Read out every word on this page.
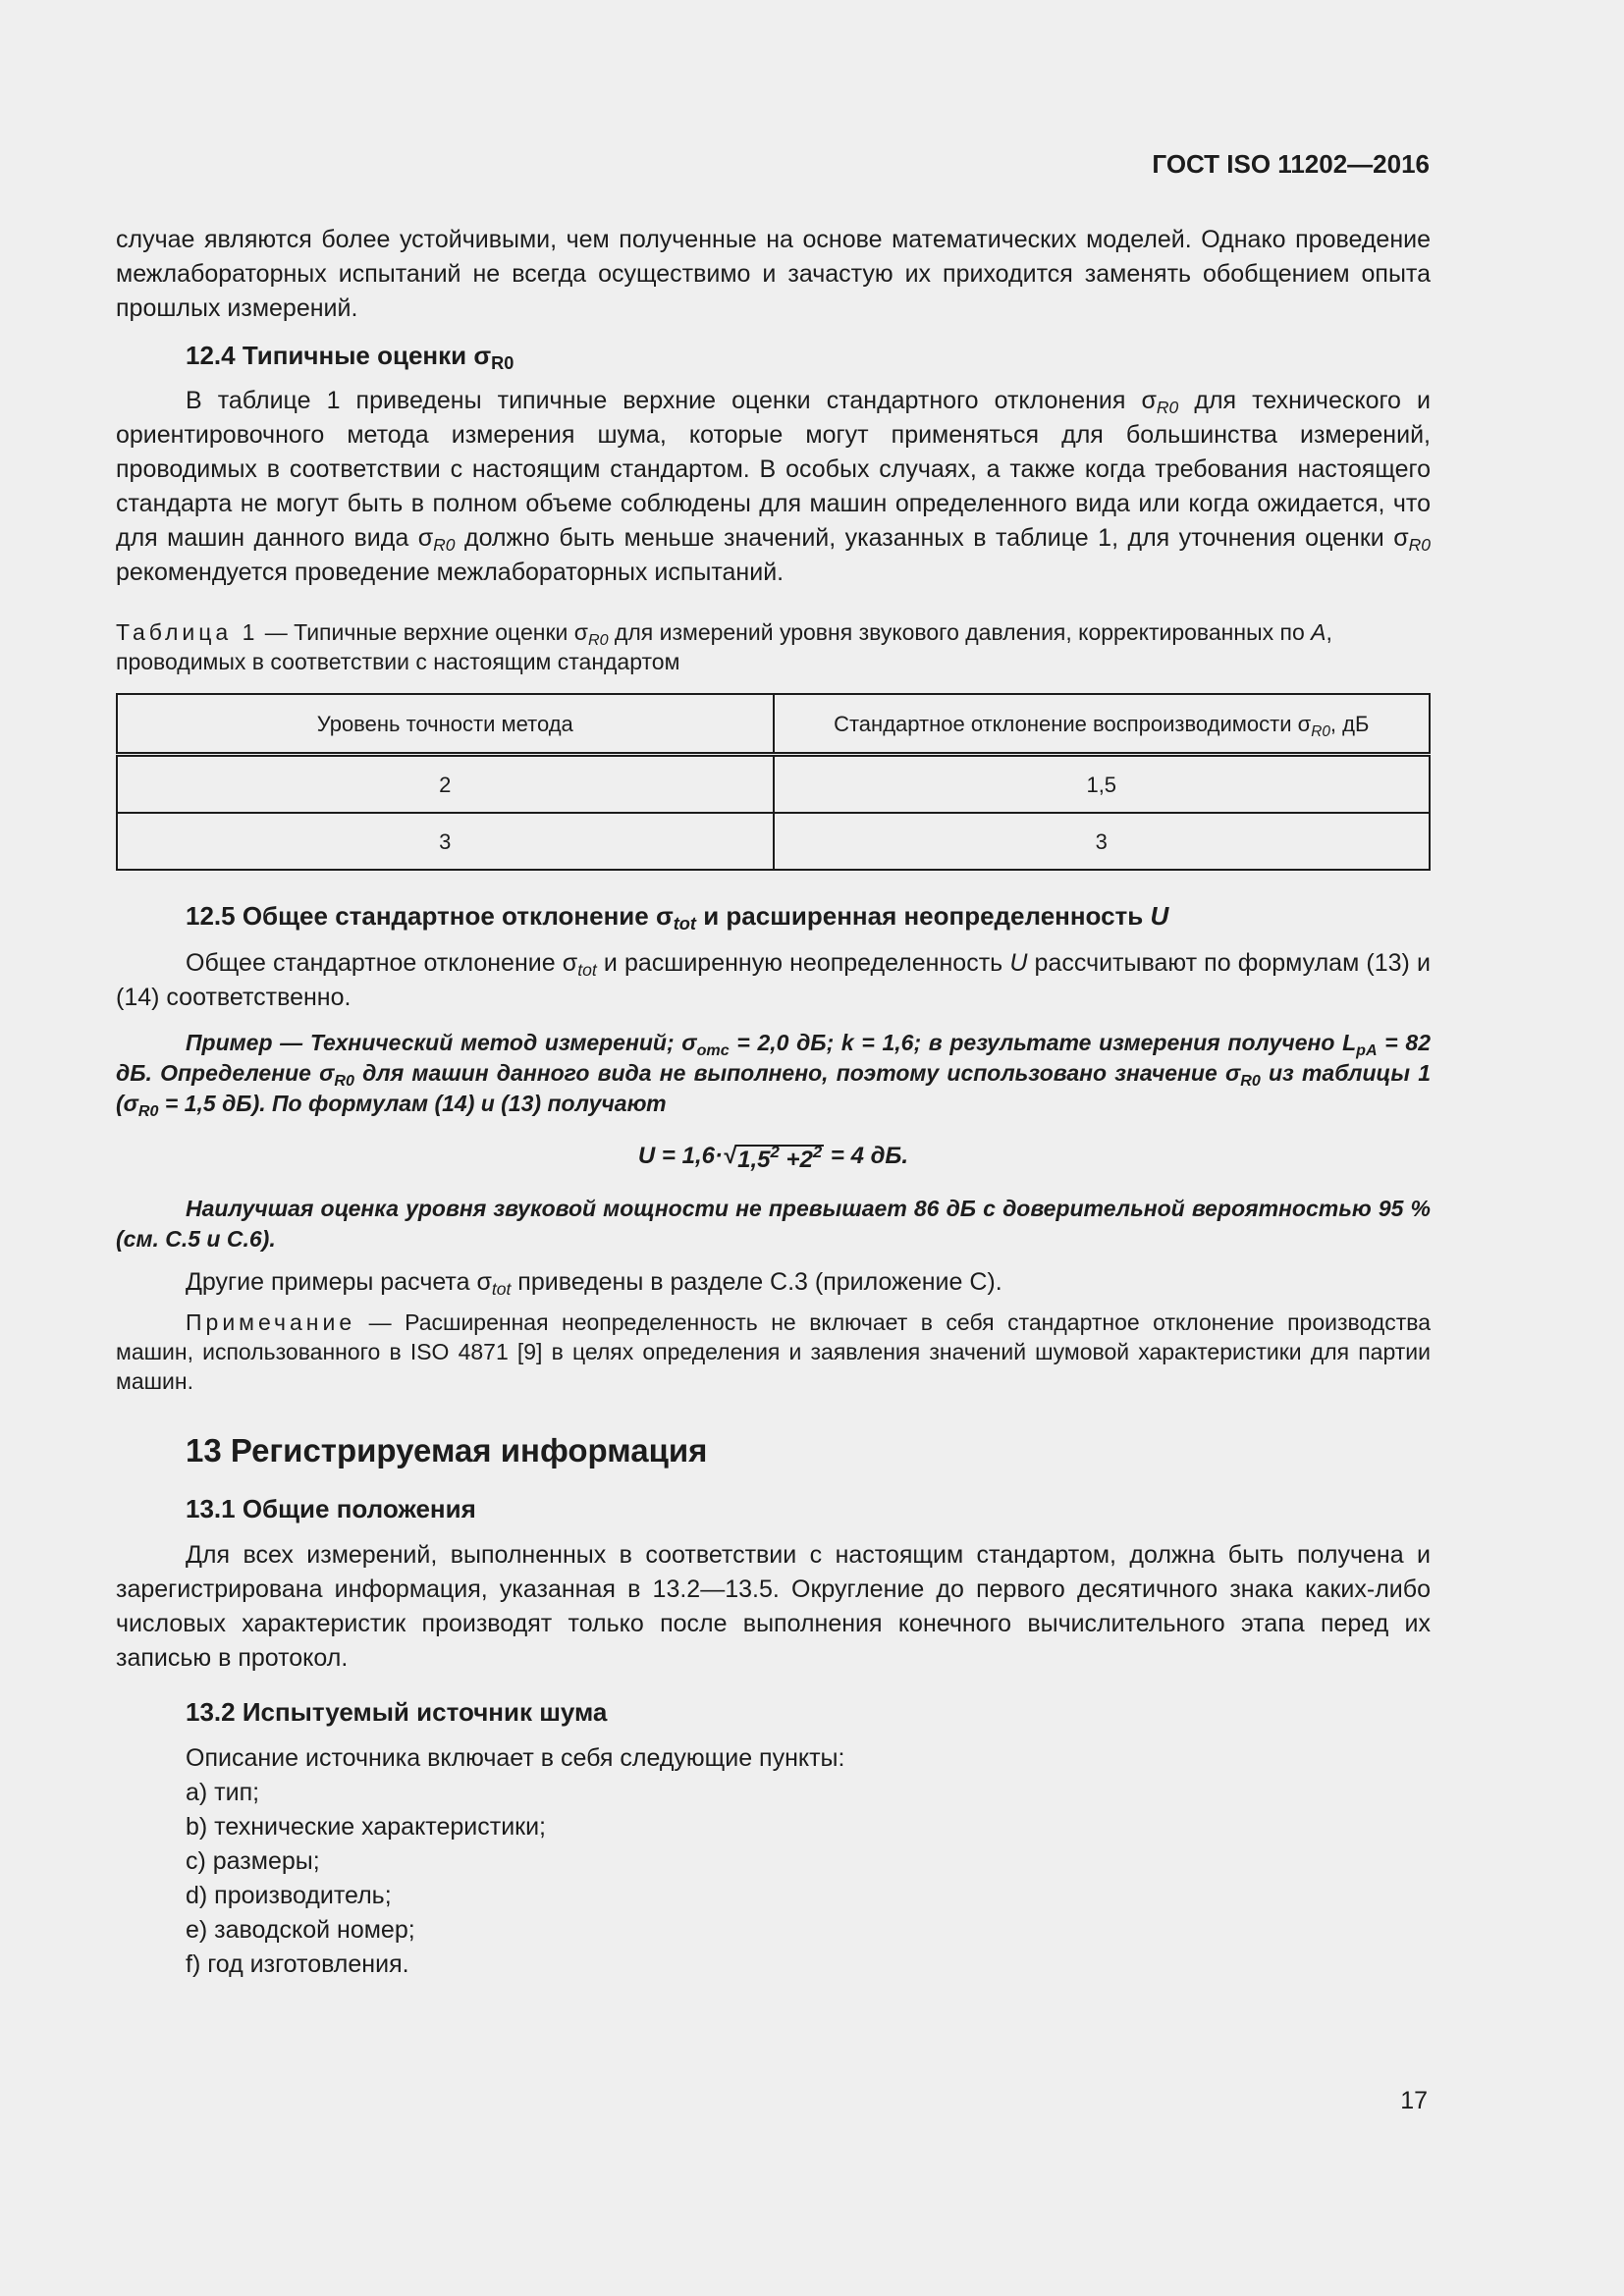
ГОСТ ISO 11202—2016

случае являются более устойчивыми, чем полученные на основе математических моделей. Однако проведение межлабораторных испытаний не всегда осуществимо и зачастую их приходится заменять обобщением опыта прошлых измерений.

12.4 Типичные оценки $\sigma_{R0}$

В таблице 1 приведены типичные верхние оценки стандартного отклонения $\sigma_{R0}$ для технического и ориентировочного метода измерения шума, которые могут применяться для большинства измерений, проводимых в соответствии с настоящим стандартом. В особых случаях, а также когда требования настоящего стандарта не могут быть в полном объеме соблюдены для машин определенного вида или когда ожидается, что для машин данного вида $\sigma_{R0}$ должно быть меньше значений, указанных в таблице 1, для уточнения оценки $\sigma_{R0}$ рекомендуется проведение межлабораторных испытаний.

Таблица 1 — Типичные верхние оценки $\sigma_{R0}$ для измерений уровня звукового давления, корректированных по A, проводимых в соответствии с настоящим стандартом

Уровень точности метода	Стандартное отклонение воспроизводимости $\sigma_{R0}$, дБ
2	1,5
3	3

12.5 Общее стандартное отклонение $\sigma_{tot}$ и расширенная неопределенность U

Общее стандартное отклонение $\sigma_{tot}$ и расширенную неопределенность U рассчитывают по формулам (13) и (14) соответственно.

Пример — Технический метод измерений; $\sigma_{omc} = 2,0$ дБ; k = 1,6; в результате измерения получено $L_{pA} = 82$ дБ. Определение $\sigma_{R0}$ для машин данного вида не выполнено, поэтому использовано значение $\sigma_{R0}$ из таблицы 1 ($\sigma_{R0} = 1,5$ дБ). По формулам (14) и (13) получают

$U = 1,6\cdot√1,5^2 +2^2 = 4$ дБ.

Наилучшая оценка уровня звуковой мощности не превышает 86 дБ с доверительной вероятностью 95 % (см. С.5 и С.6).

Другие примеры расчета $\sigma_{tot}$ приведены в разделе С.3 (приложение С).

Примечание — Расширенная неопределенность не включает в себя стандартное отклонение производства машин, использованного в ISO 4871 [9] в целях определения и заявления значений шумовой характеристики для партии машин.

13 Регистрируемая информация

13.1 Общие положения

Для всех измерений, выполненных в соответствии с настоящим стандартом, должна быть получена и зарегистрирована информация, указанная в 13.2—13.5. Округление до первого десятичного знака каких-либо числовых характеристик производят только после выполнения конечного вычислительного этапа перед их записью в протокол.

13.2 Испытуемый источник шума

Описание источника включает в себя следующие пункты:

a) тип;

b) технические характеристики;

c) размеры;

d) производитель;

e) заводской номер;

f) год изготовления.

17
